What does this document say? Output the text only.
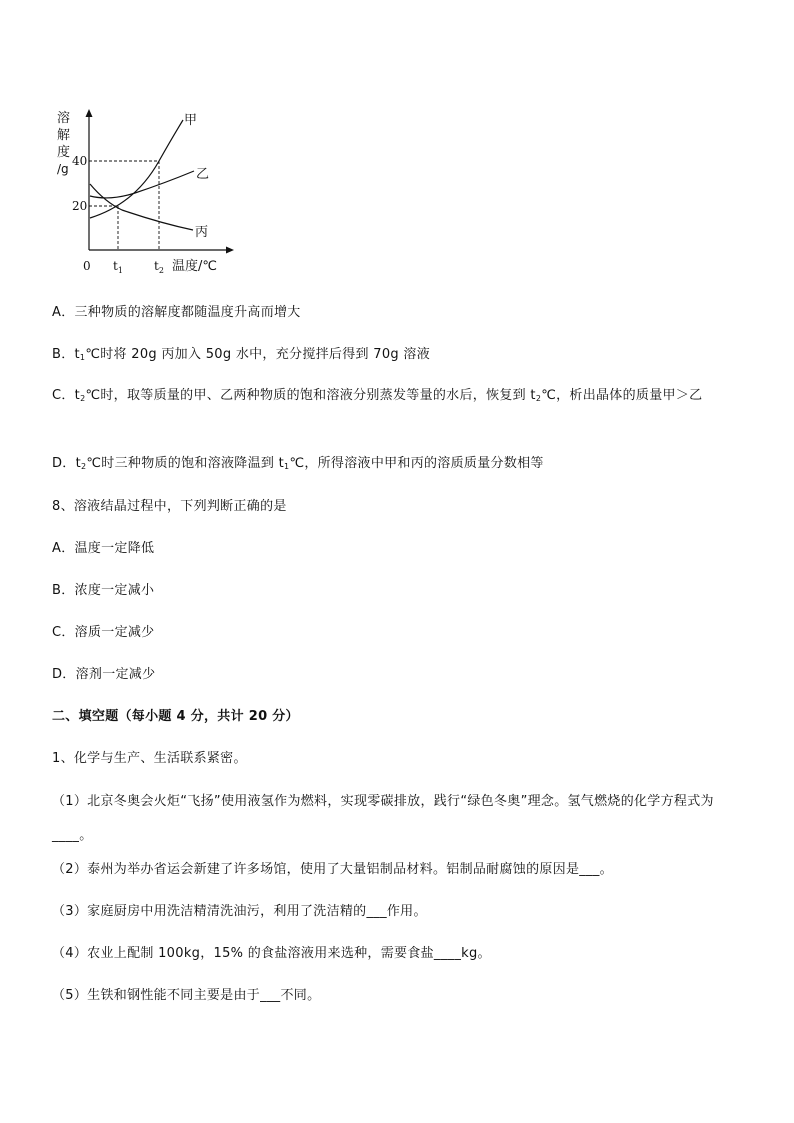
溶
解
度
/g
甲
乙
丙
40
20
0 $t_1$	$t_2$ 温度/℃
A．三种物质的溶解度都随温度升高而增大
B．$t_1℃$时将 20g 丙加入 50g 水中，充分搅拌后得到 70g 溶液
C．$t_2℃$时，取等质量的甲、乙两种物质的饱和溶液分别蒸发等量的水后，恢复到 $t_2℃$，析出晶体的质量甲＞乙
D．$t_2℃$时三种物质的饱和溶液降温到 $t_1℃$，所得溶液中甲和丙的溶质质量分数相等
8、溶液结晶过程中，下列判断正确的是
A．温度一定降低
B．浓度一定减小
C．溶质一定减少
D．溶剂一定减少
二、填空题（每小题 4 分，共计 20 分）
1、化学与生产、生活联系紧密。
（1）北京冬奥会火炬“飞扬”使用液氢作为燃料，实现零碳排放，践行“绿色冬奥”理念。氢气燃烧的化学方程式为____。
（2）泰州为举办省运会新建了许多场馆，使用了大量铝制品材料。铝制品耐腐蚀的原因是___。
（3）家庭厨房中用洗洁精清洗油污，利用了洗洁精的___作用。
（4）农业上配制 100kg，15% 的食盐溶液用来选种，需要食盐____kg。
（5）生铁和钢性能不同主要是由于___不同。
